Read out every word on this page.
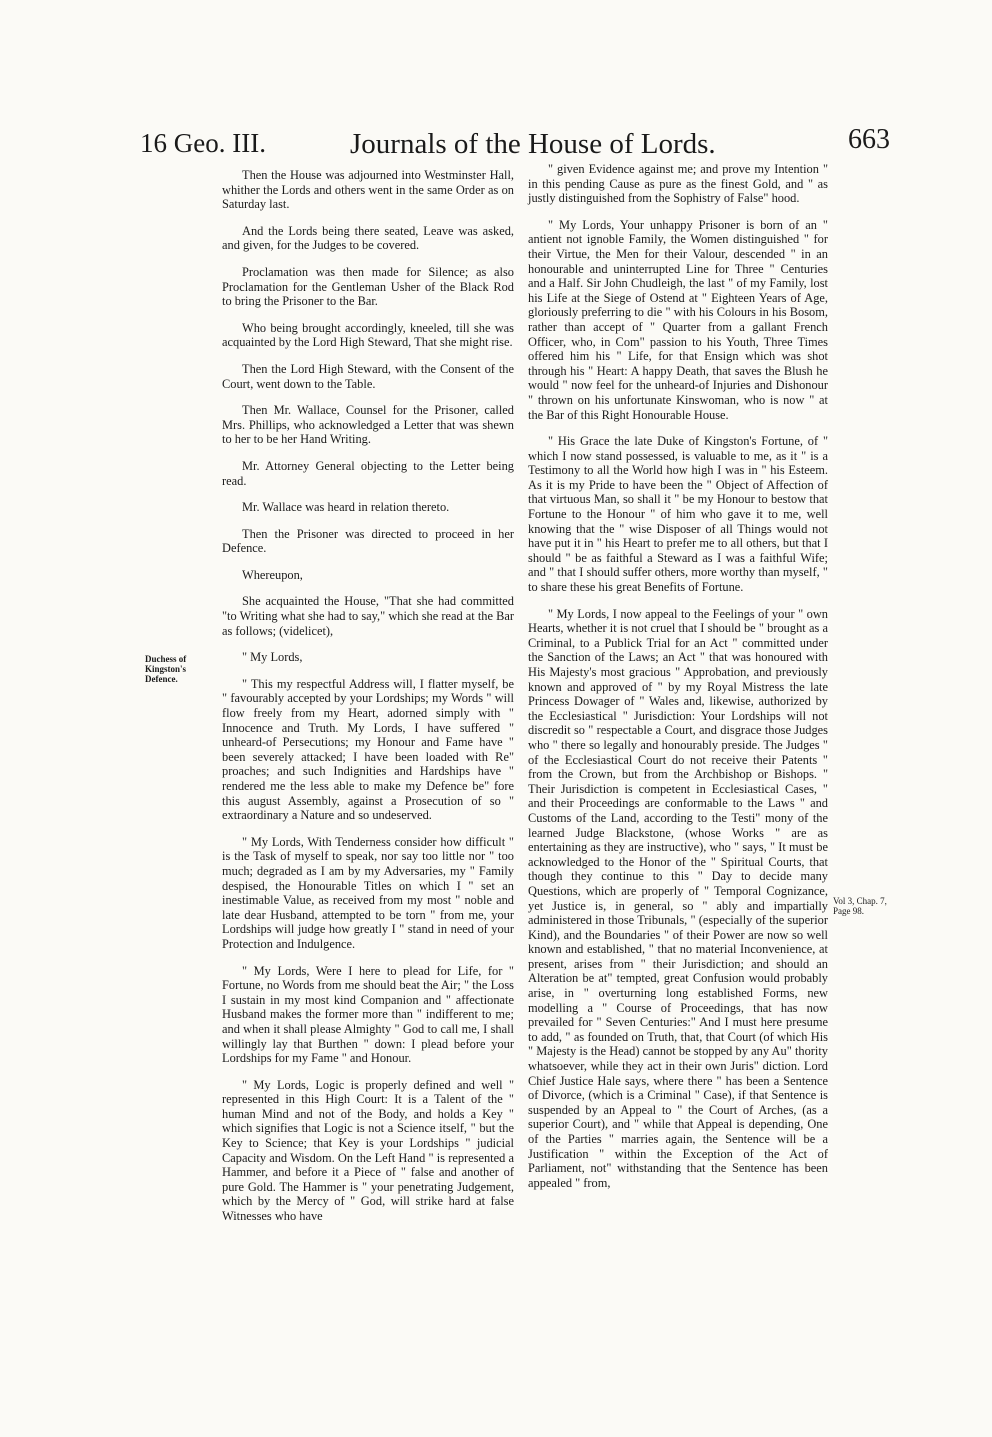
16 Geo. III.	Journals of the House of Lords.	663
Duchess of Kingston's Defence.
Vol 3, Chap. 7, Page 98.

Then the House was adjourned into Westminster Hall, whither the Lords and others went in the same Order as on Saturday last.

And the Lords being there seated, Leave was asked, and given, for the Judges to be covered.

Proclamation was then made for Silence; as also Proclamation for the Gentleman Usher of the Black Rod to bring the Prisoner to the Bar.

Who being brought accordingly, kneeled, till she was acquainted by the Lord High Steward, That she might rise.

Then the Lord High Steward, with the Consent of the Court, went down to the Table.

Then Mr. Wallace, Counsel for the Prisoner, called Mrs. Phillips, who acknowledged a Letter that was shewn to her to be her Hand Writing.

Mr. Attorney General objecting to the Letter being read.

Mr. Wallace was heard in relation thereto.

Then the Prisoner was directed to proceed in her Defence.

Whereupon,

She acquainted the House, "That she had committed "to Writing what she had to say," which she read at the Bar as follows; (videlicet),

" My Lords,

" This my respectful Address will, I flatter myself, be " favourably accepted by your Lordships; my Words " will flow freely from my Heart, adorned simply with " Innocence and Truth. My Lords, I have suffered " unheard-of Persecutions; my Honour and Fame have " been severely attacked; I have been loaded with Re" proaches; and such Indignities and Hardships have " rendered me the less able to make my Defence be" fore this august Assembly, against a Prosecution of so " extraordinary a Nature and so undeserved.

" My Lords, With Tenderness consider how difficult " is the Task of myself to speak, nor say too little nor " too much; degraded as I am by my Adversaries, my " Family despised, the Honourable Titles on which I " set an inestimable Value, as received from my most " noble and late dear Husband, attempted to be torn " from me, your Lordships will judge how greatly I " stand in need of your Protection and Indulgence.

" My Lords, Were I here to plead for Life, for " Fortune, no Words from me should beat the Air; " the Loss I sustain in my most kind Companion and " affectionate Husband makes the former more than " indifferent to me; and when it shall please Almighty " God to call me, I shall willingly lay that Burthen " down: I plead before your Lordships for my Fame " and Honour.

" My Lords, Logic is properly defined and well " represented in this High Court: It is a Talent of the " human Mind and not of the Body, and holds a Key " which signifies that Logic is not a Science itself, " but the Key to Science; that Key is your Lordships " judicial Capacity and Wisdom. On the Left Hand " is represented a Hammer, and before it a Piece of " false and another of pure Gold. The Hammer is " your penetrating Judgement, which by the Mercy of " God, will strike hard at false Witnesses who have

" given Evidence against me; and prove my Intention " in this pending Cause as pure as the finest Gold, and " as justly distinguished from the Sophistry of False" hood.

" My Lords, Your unhappy Prisoner is born of an " antient not ignoble Family, the Women distinguished " for their Virtue, the Men for their Valour, descended " in an honourable and uninterrupted Line for Three " Centuries and a Half. Sir John Chudleigh, the last " of my Family, lost his Life at the Siege of Ostend at " Eighteen Years of Age, gloriously preferring to die " with his Colours in his Bosom, rather than accept of " Quarter from a gallant French Officer, who, in Com" passion to his Youth, Three Times offered him his " Life, for that Ensign which was shot through his " Heart: A happy Death, that saves the Blush he would " now feel for the unheard-of Injuries and Dishonour " thrown on his unfortunate Kinswoman, who is now " at the Bar of this Right Honourable House.

" His Grace the late Duke of Kingston's Fortune, of " which I now stand possessed, is valuable to me, as it " is a Testimony to all the World how high I was in " his Esteem. As it is my Pride to have been the " Object of Affection of that virtuous Man, so shall it " be my Honour to bestow that Fortune to the Honour " of him who gave it to me, well knowing that the " wise Disposer of all Things would not have put it in " his Heart to prefer me to all others, but that I should " be as faithful a Steward as I was a faithful Wife; and " that I should suffer others, more worthy than myself, " to share these his great Benefits of Fortune.

" My Lords, I now appeal to the Feelings of your " own Hearts, whether it is not cruel that I should be " brought as a Criminal, to a Publick Trial for an Act " committed under the Sanction of the Laws; an Act " that was honoured with His Majesty's most gracious " Approbation, and previously known and approved of " by my Royal Mistress the late Princess Dowager of " Wales and, likewise, authorized by the Ecclesiastical " Jurisdiction: Your Lordships will not discredit so " respectable a Court, and disgrace those Judges who " there so legally and honourably preside. The Judges " of the Ecclesiastical Court do not receive their Patents " from the Crown, but from the Archbishop or Bishops. " Their Jurisdiction is competent in Ecclesiastical Cases, " and their Proceedings are conformable to the Laws " and Customs of the Land, according to the Testi" mony of the learned Judge Blackstone, (whose Works " are as entertaining as they are instructive), who " says, " It must be acknowledged to the Honor of the " Spiritual Courts, that though they continue to this " Day to decide many Questions, which are properly of " Temporal Cognizance, yet Justice is, in general, so " ably and impartially administered in those Tribunals, " (especially of the superior Kind), and the Boundaries " of their Power are now so well known and established, " that no material Inconvenience, at present, arises from " their Jurisdiction; and should an Alteration be at" tempted, great Confusion would probably arise, in " overturning long established Forms, new modelling a " Course of Proceedings, that has now prevailed for " Seven Centuries:" And I must here presume to add, " as founded on Truth, that, that Court (of which His " Majesty is the Head) cannot be stopped by any Au" thority whatsoever, while they act in their own Juris" diction. Lord Chief Justice Hale says, where there " has been a Sentence of Divorce, (which is a Criminal " Case), if that Sentence is suspended by an Appeal to " the Court of Arches, (as a superior Court), and " while that Appeal is depending, One of the Parties " marries again, the Sentence will be a Justification " within the Exception of the Act of Parliament, not" withstanding that the Sentence has been appealed " from,
